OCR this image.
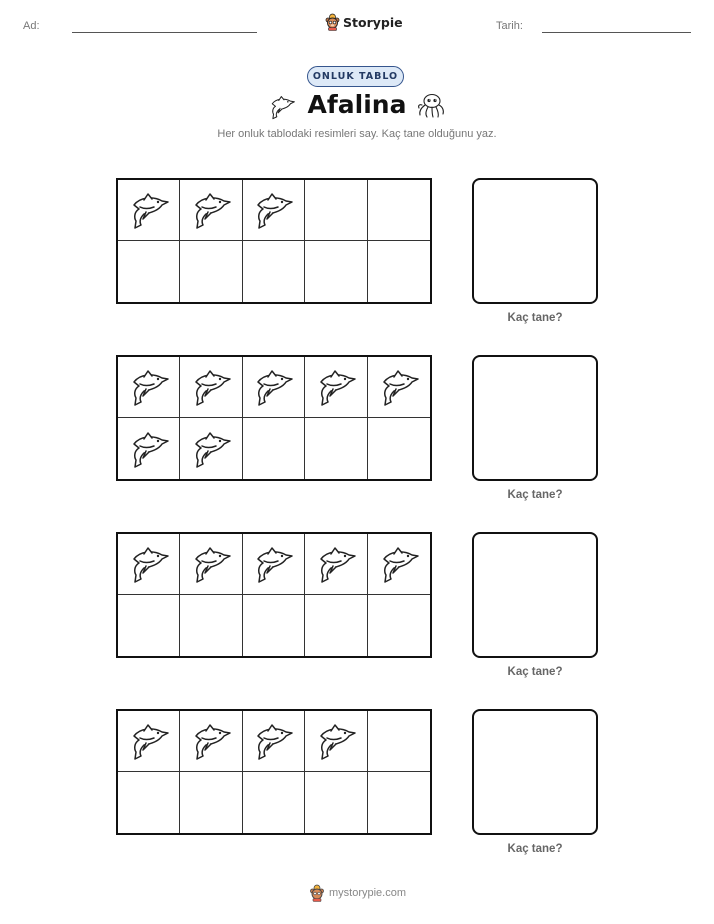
Ad:	Storypie	Tarih:
ONLUK TABLO
Afalina
Her onluk tablodaki resimleri say. Kaç tane olduğunu yaz.
Kaç tane?
Kaç tane?
Kaç tane?
Kaç tane?
mystorypie.com
